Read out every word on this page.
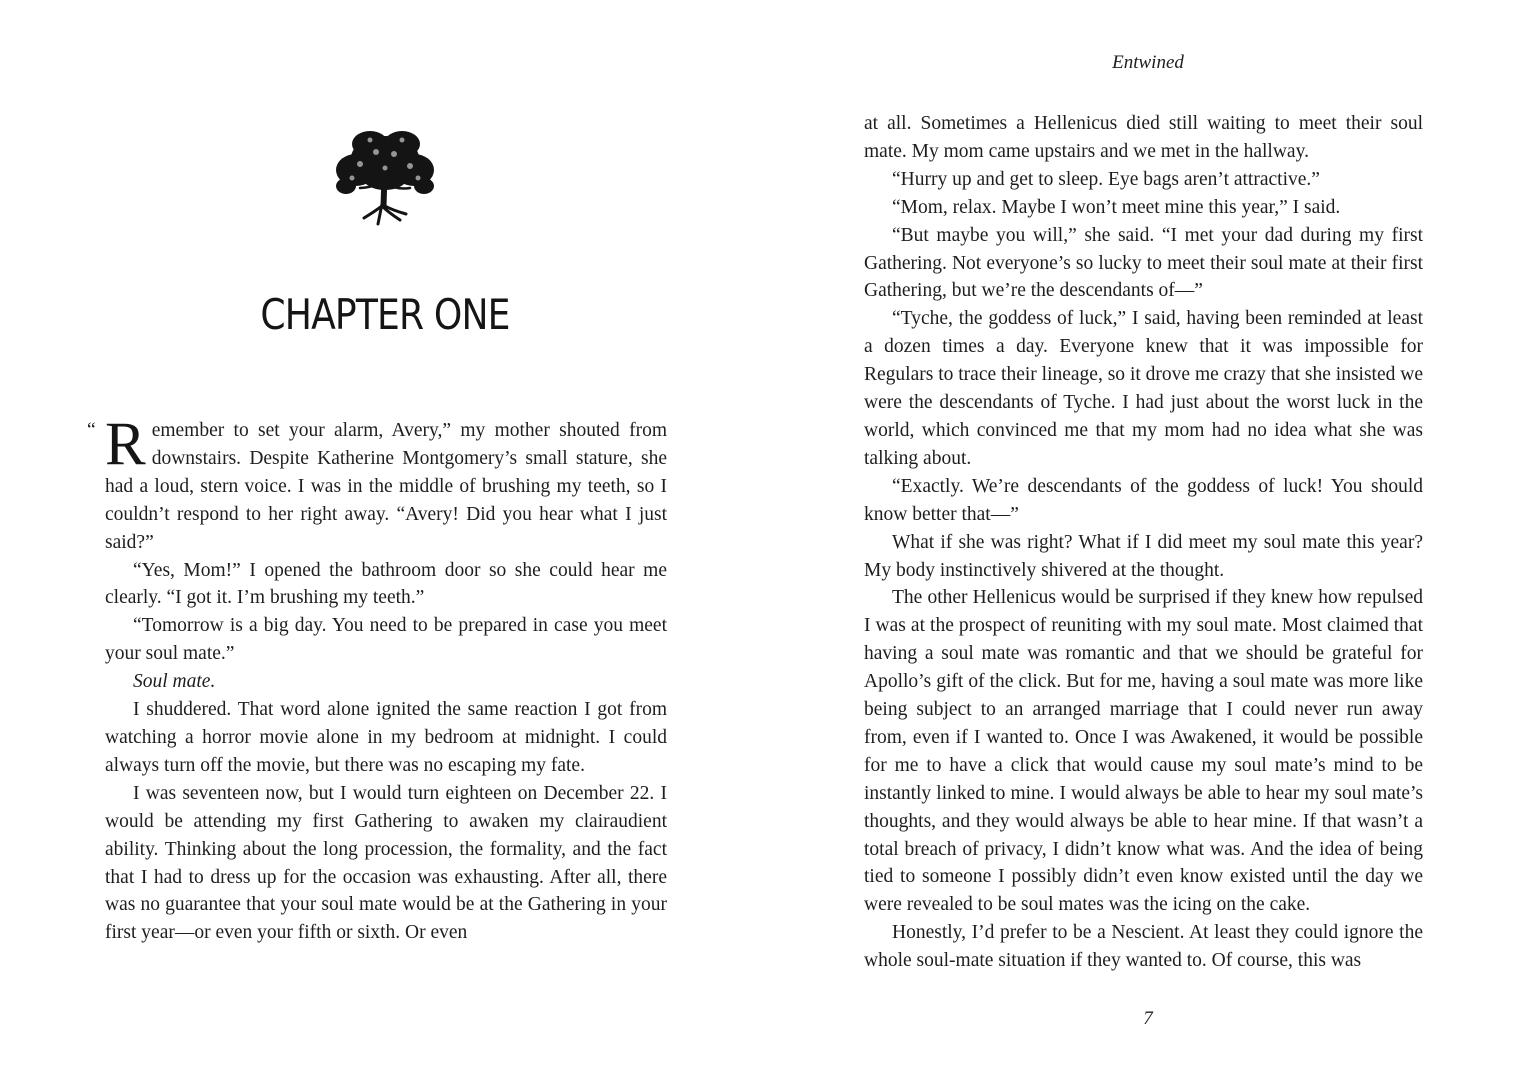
CHAPTER ONE

“ R emember to set your alarm, Avery,” my mother shouted from downstairs. Despite Katherine Montgomery’s small stature, she had a loud, stern voice. I was in the middle of brushing my teeth, so I couldn’t respond to her right away. “Avery! Did you hear what I just said?”

“Yes, Mom!” I opened the bathroom door so she could hear me clearly. “I got it. I’m brushing my teeth.”

“Tomorrow is a big day. You need to be prepared in case you meet your soul mate.”

Soul mate.

I shuddered. That word alone ignited the same reaction I got from watching a horror movie alone in my bedroom at midnight. I could always turn off the movie, but there was no escaping my fate.

I was seventeen now, but I would turn eighteen on December 22. I would be attending my first Gathering to awaken my clairaudient ability. Thinking about the long procession, the formality, and the fact that I had to dress up for the occasion was exhausting. After all, there was no guarantee that your soul mate would be at the Gathering in your first year—or even your fifth or sixth. Or even

Entwined

at all. Sometimes a Hellenicus died still waiting to meet their soul mate. My mom came upstairs and we met in the hallway.

“Hurry up and get to sleep. Eye bags aren’t attractive.”

“Mom, relax. Maybe I won’t meet mine this year,” I said.

“But maybe you will,” she said. “I met your dad during my first Gathering. Not everyone’s so lucky to meet their soul mate at their first Gathering, but we’re the descendants of—”

“Tyche, the goddess of luck,” I said, having been reminded at least a dozen times a day. Everyone knew that it was impossible for Regulars to trace their lineage, so it drove me crazy that she insisted we were the descendants of Tyche. I had just about the worst luck in the world, which convinced me that my mom had no idea what she was talking about.

“Exactly. We’re descendants of the goddess of luck! You should know better that—”

What if she was right? What if I did meet my soul mate this year? My body instinctively shivered at the thought.

The other Hellenicus would be surprised if they knew how repulsed I was at the prospect of reuniting with my soul mate. Most claimed that having a soul mate was romantic and that we should be grateful for Apollo’s gift of the click. But for me, having a soul mate was more like being subject to an arranged marriage that I could never run away from, even if I wanted to. Once I was Awakened, it would be possible for me to have a click that would cause my soul mate’s mind to be instantly linked to mine. I would always be able to hear my soul mate’s thoughts, and they would always be able to hear mine. If that wasn’t a total breach of privacy, I didn’t know what was. And the idea of being tied to someone I possibly didn’t even know existed until the day we were revealed to be soul mates was the icing on the cake.

Honestly, I’d prefer to be a Nescient. At least they could ignore the whole soul-mate situation if they wanted to. Of course, this was

7
